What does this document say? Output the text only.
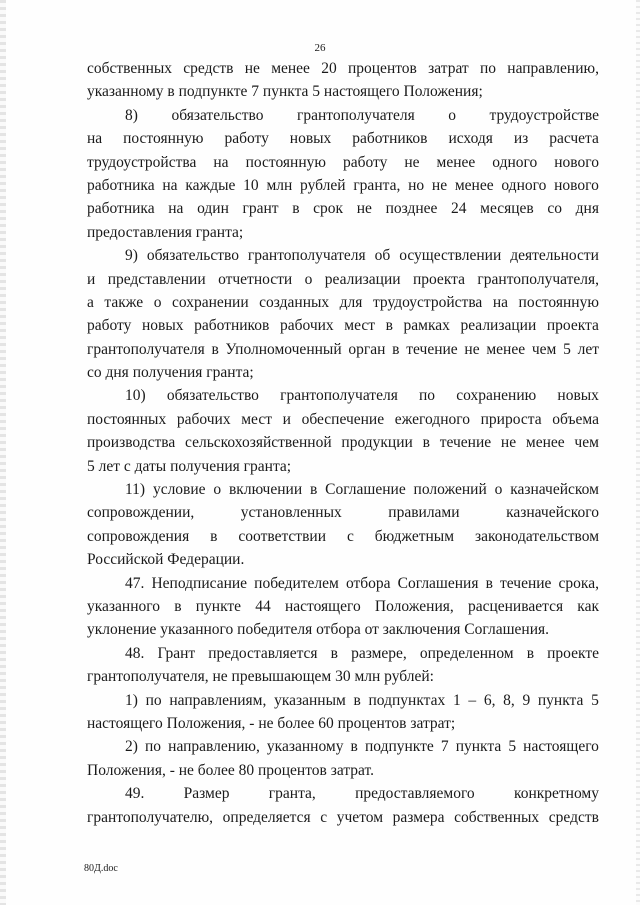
26
собственных средств не менее 20 процентов затрат по направлению,
указанному в подпункте 7 пункта 5 настоящего Положения;
8) обязательство грантополучателя о трудоустройстве
на постоянную работу новых работников исходя из расчета
трудоустройства на постоянную работу не менее одного нового
работника на каждые 10 млн рублей гранта, но не менее одного нового
работника на один грант в срок не позднее 24 месяцев со дня
предоставления гранта;
9) обязательство грантополучателя об осуществлении деятельности
и представлении отчетности о реализации проекта грантополучателя,
а также о сохранении созданных для трудоустройства на постоянную
работу новых работников рабочих мест в рамках реализации проекта
грантополучателя в Уполномоченный орган в течение не менее чем 5 лет
со дня получения гранта;
10) обязательство грантополучателя по сохранению новых
постоянных рабочих мест и обеспечение ежегодного прироста объема
производства сельскохозяйственной продукции в течение не менее чем
5 лет с даты получения гранта;
11) условие о включении в Соглашение положений о казначейском
сопровождении,	установленных	правилами	казначейского
сопровождения в соответствии с бюджетным законодательством
Российской Федерации.
47. Неподписание победителем отбора Соглашения в течение срока,
указанного в пункте 44 настоящего Положения, расценивается как
уклонение указанного победителя отбора от заключения Соглашения.
48. Грант предоставляется в размере, определенном в проекте
грантополучателя, не превышающем 30 млн рублей:
1) по направлениям, указанным в подпунктах 1 – 6, 8, 9 пункта 5
настоящего Положения, - не более 60 процентов затрат;
2) по направлению, указанному в подпункте 7 пункта 5 настоящего
Положения, - не более 80 процентов затрат.
49.	Размер	гранта,	предоставляемого	конкретному
грантополучателю, определяется с учетом размера собственных средств
80Д.doc
